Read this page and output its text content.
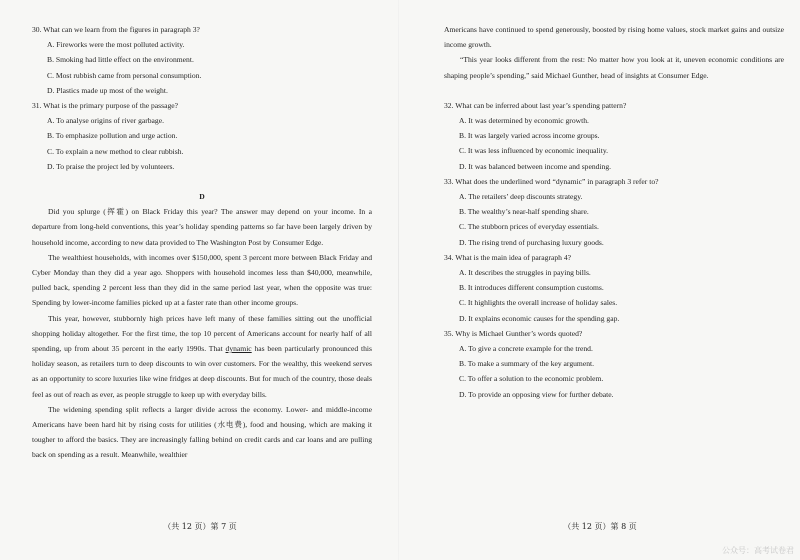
30. What can we learn from the figures in paragraph 3?

A. Fireworks were the most polluted activity.

B. Smoking had little effect on the environment.

C. Most rubbish came from personal consumption.

D. Plastics made up most of the weight.

31. What is the primary purpose of the passage?

A. To analyse origins of river garbage.

B. To emphasize pollution and urge action.

C. To explain a new method to clear rubbish.

D. To praise the project led by volunteers.

D

Did you splurge (挥霍) on Black Friday this year? The answer may depend on your income. In a departure from long-held conventions, this year’s holiday spending patterns so far have been largely driven by household income, according to new data provided to The Washington Post by Consumer Edge.

The wealthiest households, with incomes over $150,000, spent 3 percent more between Black Friday and Cyber Monday than they did a year ago. Shoppers with household incomes less than $40,000, meanwhile, pulled back, spending 2 percent less than they did in the same period last year, when the opposite was true: Spending by lower-income families picked up at a faster rate than other income groups.

This year, however, stubbornly high prices have left many of these families sitting out the unofficial shopping holiday altogether. For the first time, the top 10 percent of Americans account for nearly half of all spending, up from about 35 percent in the early 1990s. That dynamic has been particularly pronounced this holiday season, as retailers turn to deep discounts to win over customers. For the wealthy, this weekend serves as an opportunity to score luxuries like wine fridges at deep discounts. But for much of the country, those deals feel as out of reach as ever, as people struggle to keep up with everyday bills.

The widening spending split reflects a larger divide across the economy. Lower- and middle-income Americans have been hard hit by rising costs for utilities (水电费), food and housing, which are making it tougher to afford the basics. They are increasingly falling behind on credit cards and car loans and are pulling back on spending as a result. Meanwhile, wealthier

（共 12 页）第 7 页

Americans have continued to spend generously, boosted by rising home values, stock market gains and outsize income growth.

“This year looks different from the rest: No matter how you look at it, uneven economic conditions are shaping people’s spending,” said Michael Gunther, head of insights at Consumer Edge.

32. What can be inferred about last year’s spending pattern?

A. It was determined by economic growth.

B. It was largely varied across income groups.

C. It was less influenced by economic inequality.

D. It was balanced between income and spending.

33. What does the underlined word “dynamic” in paragraph 3 refer to?

A. The retailers’ deep discounts strategy.

B. The wealthy’s near-half spending share.

C. The stubborn prices of everyday essentials.

D. The rising trend of purchasing luxury goods.

34. What is the main idea of paragraph 4?

A. It describes the struggles in paying bills.

B. It introduces different consumption customs.

C. It highlights the overall increase of holiday sales.

D. It explains economic causes for the spending gap.

35. Why is Michael Gunther’s words quoted?

A. To give a concrete example for the trend.

B. To make a summary of the key argument.

C. To offer a solution to the economic problem.

D. To provide an opposing view for further debate.

（共 12 页）第 8 页
公众号：高考试卷君
